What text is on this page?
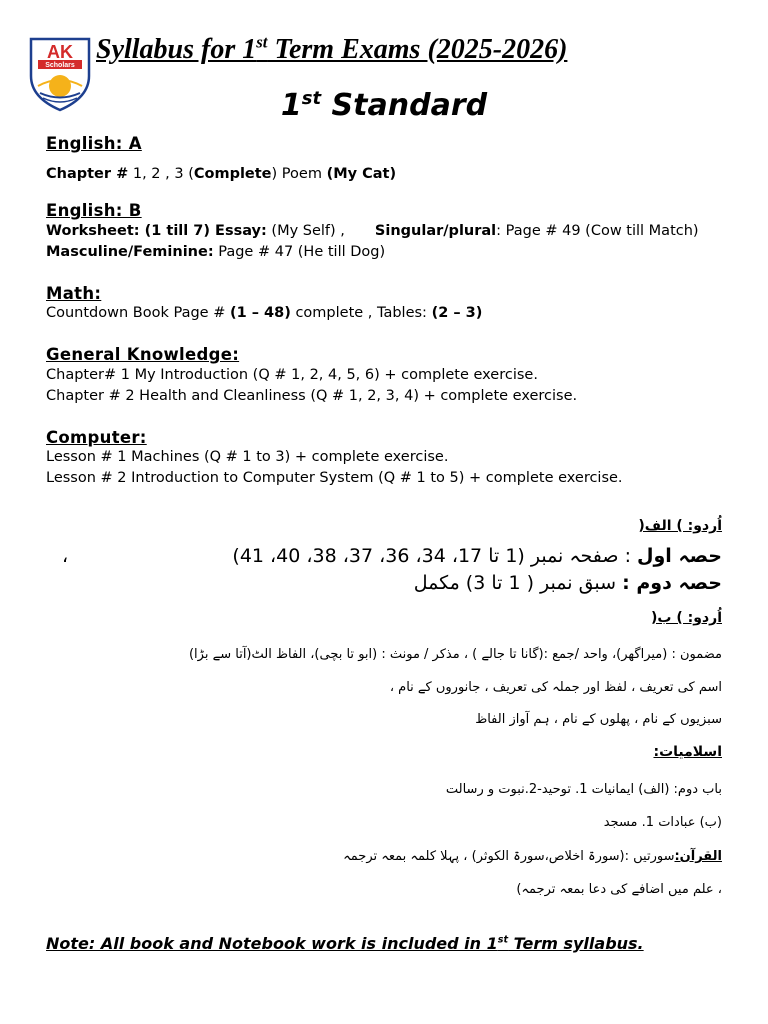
AK
Scholars
Syllabus for 1st Term Exams (2025-2026)
1st Standard
English: A
Chapter # 1, 2 , 3 (Complete) Poem (My Cat)
English: B
Worksheet: (1 till 7) Essay: (My Self) , Singular/plural: Page # 49 (Cow till Match)
Masculine/Feminine: Page # 47 (He till Dog)
Math:
Countdown Book Page # (1 – 48) complete , Tables: (2 – 3)
General Knowledge:
Chapter# 1 My Introduction (Q # 1, 2, 4, 5, 6) + complete exercise.
Chapter # 2 Health and Cleanliness (Q # 1, 2, 3, 4) + complete exercise.
Computer:
Lesson # 1 Machines (Q # 1 to 3) + complete exercise.
Lesson # 2 Introduction to Computer System (Q # 1 to 5) + complete exercise.
اُردو: ) الف(
،	حصہ اول : صفحہ نمبر (1 تا 17، 34، 36، 37، 38، 40، 41)
حصہ دوم : سبق نمبر ( 1 تا 3) مکمل
اُردو: ) ب(
مضمون : (میراگھر)، واحد /جمع :(گانا تا جالے ) ، مذکر / مونث : (ابو تا بچی)، الفاظ الٹ(آتا سے بڑا)
اسم کی تعریف ، لفظ اور جملہ کی تعریف ، جانوروں کے نام ،
سبزیوں کے نام ، پھلوں کے نام ، ہم آواز الفاظ
اسلامیات:
باب دوم: (الف) ایمانیات 1. توحید-2.نبوت و رسالت
(ب) عبادات 1. مسجد
القرآن:سورتیں :(سورۃ اخلاص،سورۃ الکوثر) ، پہلا کلمہ بمعہ ترجمہ
، علم میں اضافے کی دعا بمعہ ترجمہ)
Note: All book and Notebook work is included in 1st Term syllabus.
